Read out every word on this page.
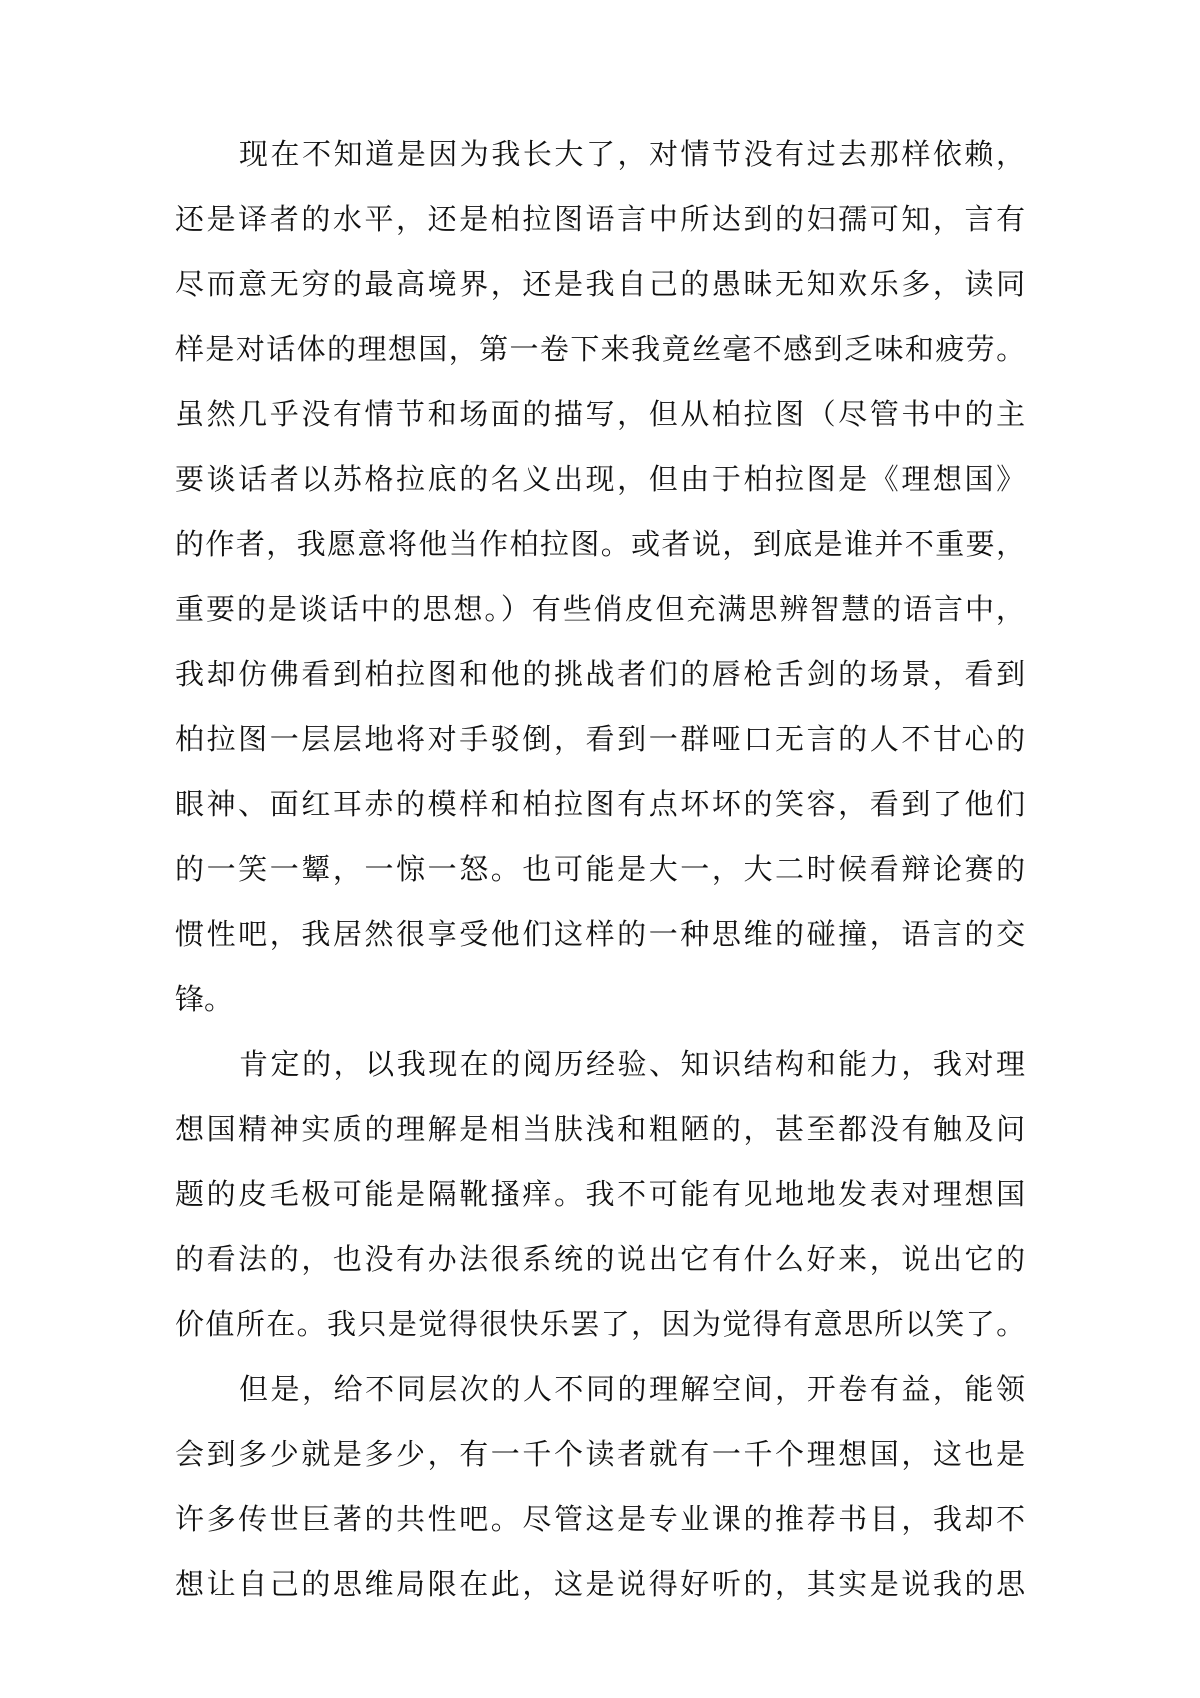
现在不知道是因为我长大了，对情节没有过去那样依赖，
还是译者的水平，还是柏拉图语言中所达到的妇孺可知，言有
尽而意无穷的最高境界，还是我自己的愚昧无知欢乐多，读同
样是对话体的理想国，第一卷下来我竟丝毫不感到乏味和疲劳。
虽然几乎没有情节和场面的描写，但从柏拉图（尽管书中的主
要谈话者以苏格拉底的名义出现，但由于柏拉图是《理想国》
的作者，我愿意将他当作柏拉图。或者说，到底是谁并不重要，
重要的是谈话中的思想。）有些俏皮但充满思辨智慧的语言中，
我却仿佛看到柏拉图和他的挑战者们的唇枪舌剑的场景，看到
柏拉图一层层地将对手驳倒，看到一群哑口无言的人不甘心的
眼神、面红耳赤的模样和柏拉图有点坏坏的笑容，看到了他们
的一笑一颦，一惊一怒。也可能是大一，大二时候看辩论赛的
惯性吧，我居然很享受他们这样的一种思维的碰撞，语言的交
锋。
肯定的，以我现在的阅历经验、知识结构和能力，我对理
想国精神实质的理解是相当肤浅和粗陋的，甚至都没有触及问
题的皮毛极可能是隔靴搔痒。我不可能有见地地发表对理想国
的看法的，也没有办法很系统的说出它有什么好来，说出它的
价值所在。我只是觉得很快乐罢了，因为觉得有意思所以笑了。
但是，给不同层次的人不同的理解空间，开卷有益，能领
会到多少就是多少，有一千个读者就有一千个理想国，这也是
许多传世巨著的共性吧。尽管这是专业课的推荐书目，我却不
想让自己的思维局限在此，这是说得好听的，其实是说我的思
